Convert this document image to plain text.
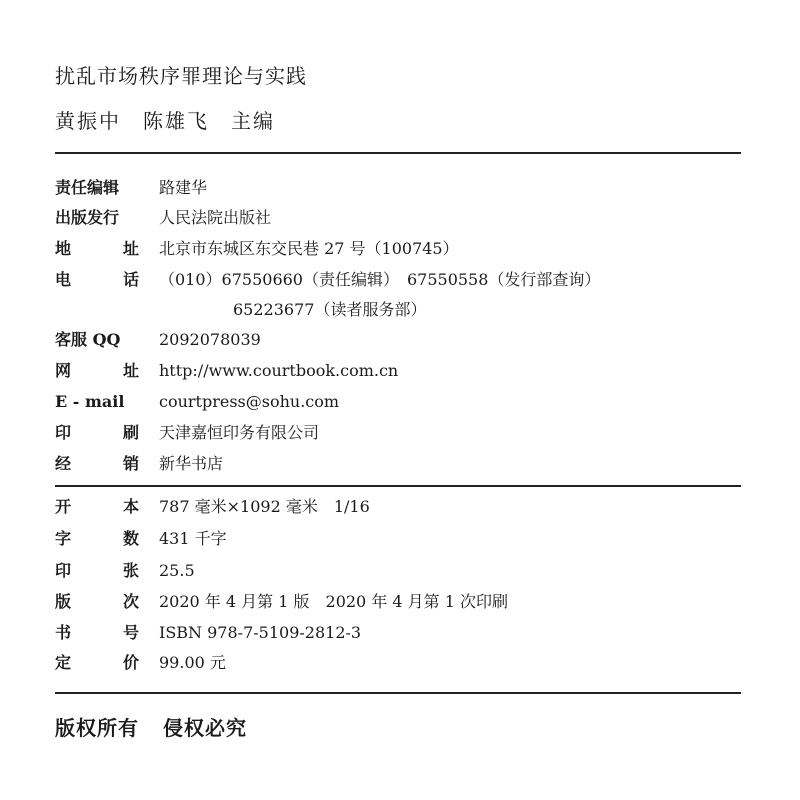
扰乱市场秩序罪理论与实践
黄振中　 陈雄飞　 主编
责任编辑	路建华
出版发行	人民法院出版社
地	址 北京市东城区东交民巷 27 号（100745）
电	话 （010）67550660（责任编辑）　67550558（发行部查询）
65223677（读者服务部）
客服 QQ	2092078039
网	址 http://www.courtbook.com.cn
E - mail	courtpress@sohu.com
印	刷 天津嘉恒印务有限公司
经	销 新华书店
开	本 787 毫米×1092 毫米　1/16
字	数 431 千字
印	张 25.5
版	次 2020 年 4 月第 1 版　2020 年 4 月第 1 次印刷
书	号 ISBN 978-7-5109-2812-3
定	价 99.00 元
版权所有 侵权必究
